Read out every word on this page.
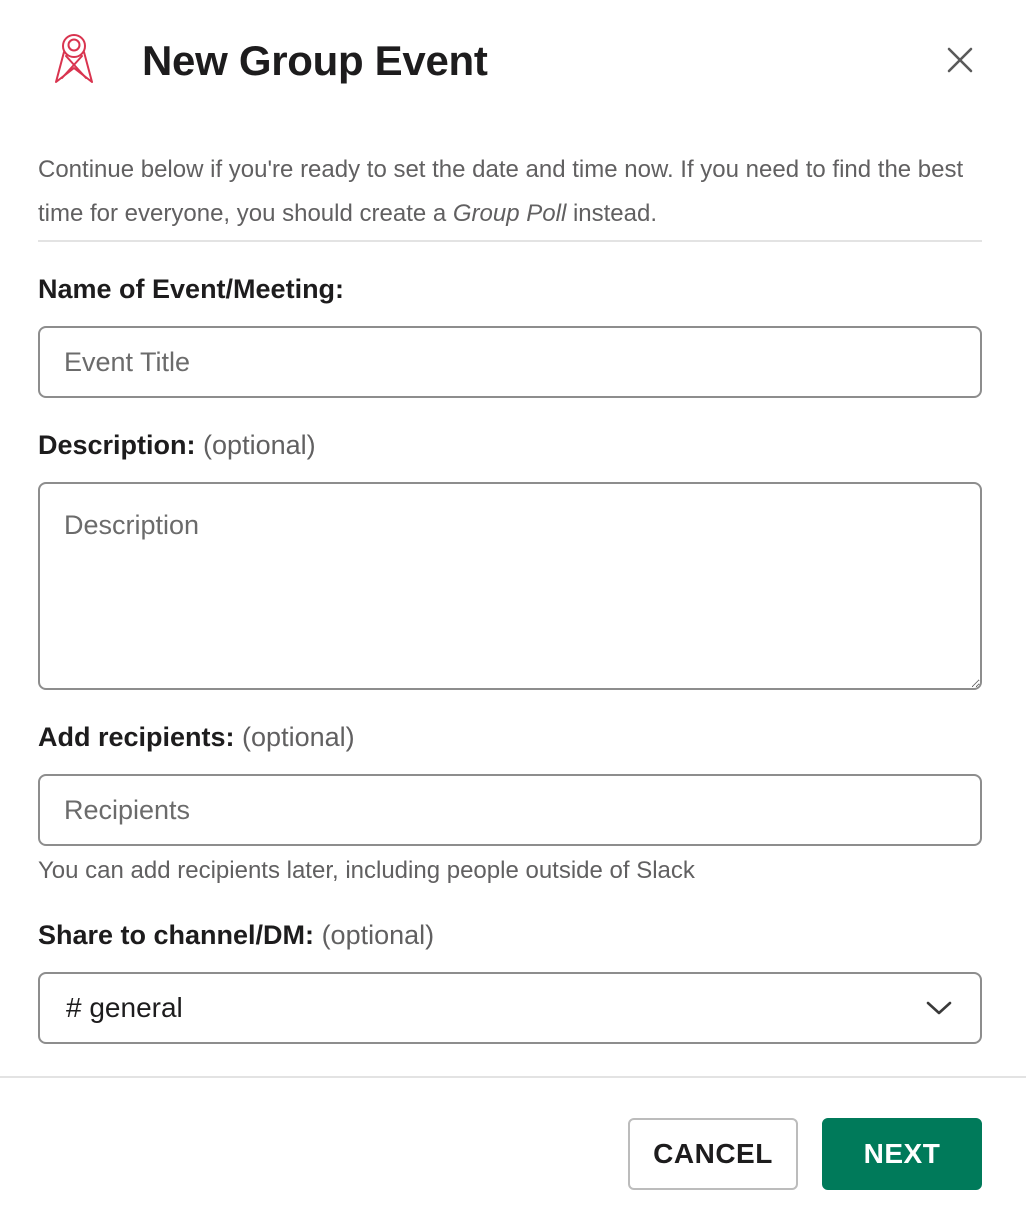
New Group Event
Continue below if you're ready to set the date and time now. If you need to find the best time for everyone, you should create a Group Poll instead.
Name of Event/Meeting:
Event Title
Description: (optional)
Description
Add recipients: (optional)
Recipients
You can add recipients later, including people outside of Slack
Share to channel/DM: (optional)
# general
CANCEL	NEXT
